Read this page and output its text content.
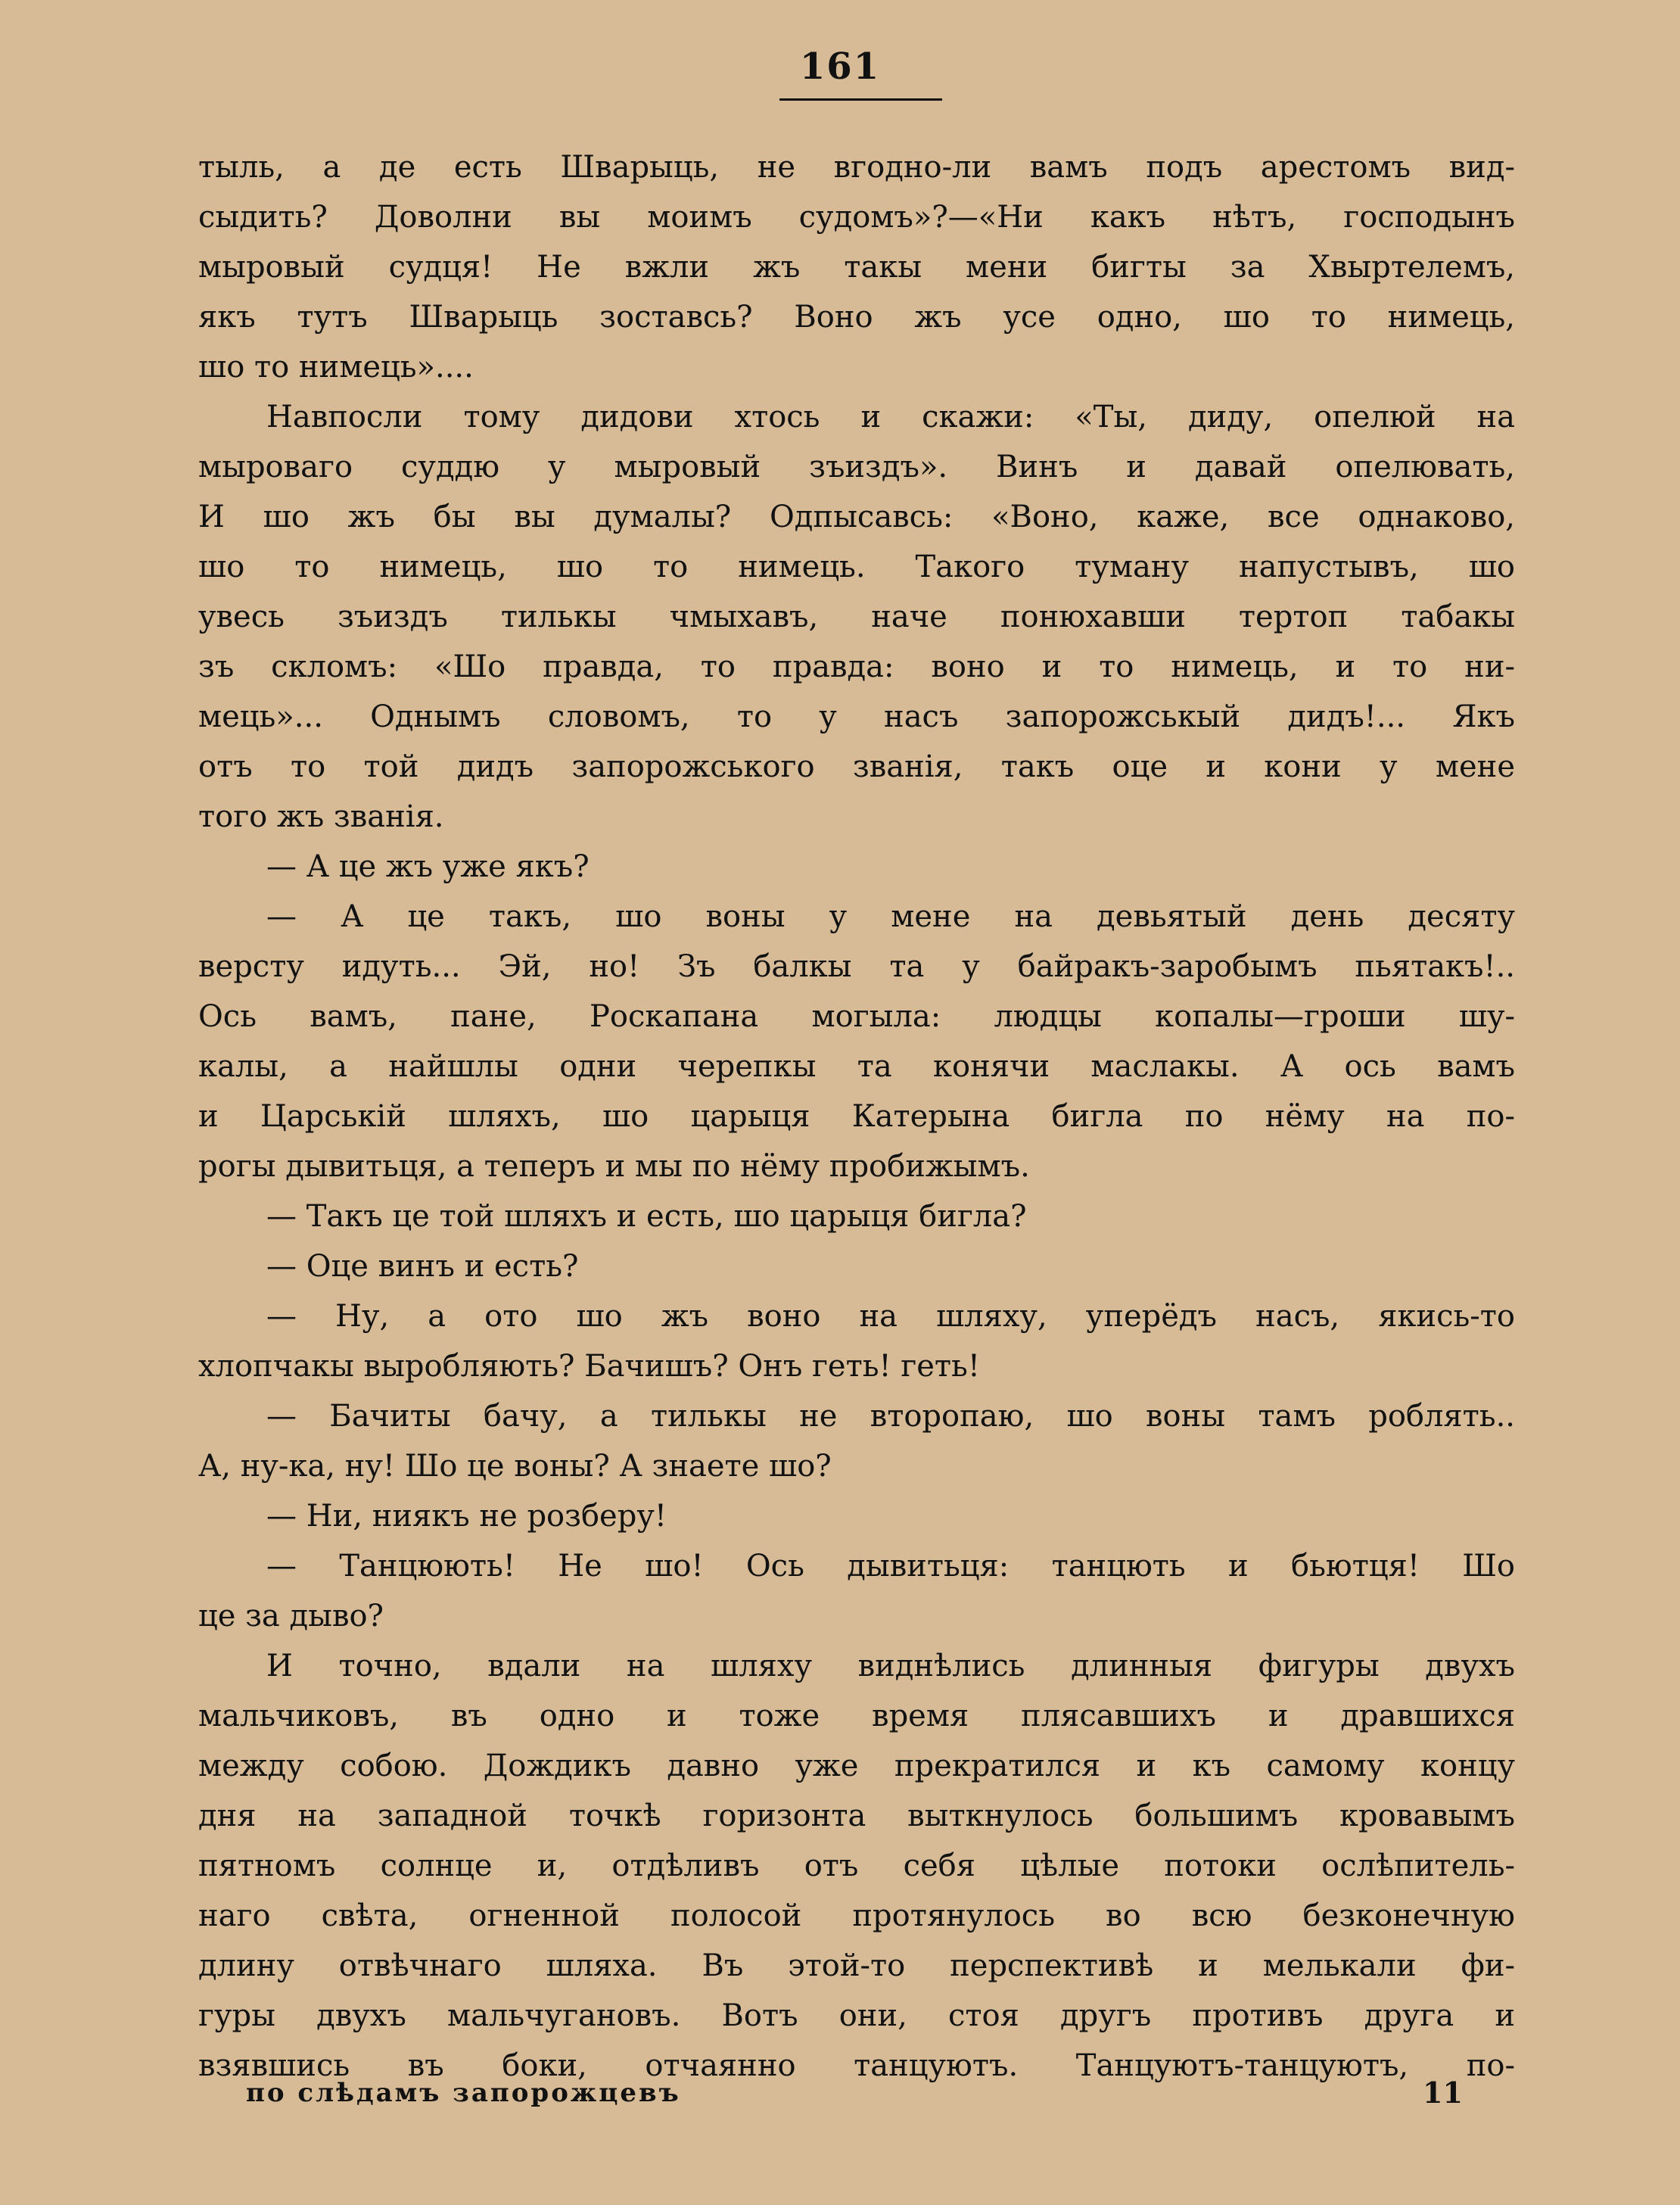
161
тыль, а де есть Шварыць, не вгодно-ли вамъ подъ арестомъ вид-
сыдить? Доволни вы моимъ судомъ»?—«Ни какъ нѣтъ, господынъ
мыровый судця! Не вжли жъ такы мени бигты за Хвыртелемъ,
якъ тутъ Шварыць зоставсь? Воно жъ усе одно, шо то нимець,
шо то нимець»....
Навпосли тому дидови хтось и скажи: «Ты, диду, опелюй на
мыроваго суддю у мыровый зъиздъ». Винъ и давай опелювать,
И шо жъ бы вы думалы? Одпысавсь: «Воно, каже, все однаково,
шо то нимець, шо то нимець. Такого туману напустывъ, шо
увесь зъиздъ тилькы чмыхавъ, наче понюхавши тертоп табакы
зъ скломъ: «Шо правда, то правда: воно и то нимець, и то ни-
мець»... Однымъ словомъ, то у насъ запорожськый дидъ!... Якъ
отъ то той дидъ запорожського званія, такъ оце и кони у мене
того жъ званія.
— А це жъ уже якъ?
— А це такъ, шо воны у мене на девьятый день десяту
версту идуть... Эй, но! Зъ балкы та у байракъ-заробымъ пьятакъ!..
Ось вамъ, пане, Роскапана могыла: людцы копалы—гроши шу-
калы, а найшлы одни черепкы та конячи маслакы. А ось вамъ
и Царській шляхъ, шо царыця Катерына бигла по нёму на по-
рогы дывитьця, а теперъ и мы по нёму пробижымъ.
— Такъ це той шляхъ и есть, шо царыця бигла?
— Оце винъ и есть?
— Ну, а ото шо жъ воно на шляху, уперёдъ насъ, якись-то
хлопчакы выробляють? Бачишъ? Онъ геть! геть!
— Бачиты бачу, а тилькы не второпаю, шо воны тамъ роблять..
А, ну-ка, ну! Шо це воны? А знаете шо?
— Ни, ниякъ не розберу!
— Танцюють! Не шо! Ось дывитьця: танцють и бьютця! Шо
це за дыво?
И точно, вдали на шляху виднѣлись длинныя фигуры двухъ
мальчиковъ, въ одно и тоже время плясавшихъ и дравшихся
между собою. Дождикъ давно уже прекратился и къ самому концу
дня на западной точкѣ горизонта выткнулось большимъ кровавымъ
пятномъ солнце и, отдѣливъ отъ себя цѣлые потоки ослѣпитель-
наго свѣта, огненной полосой протянулось во всю безконечную
длину отвѣчнаго шляха. Въ этой-то перспективѣ и мелькали фи-
гуры двухъ мальчугановъ. Вотъ они, стоя другъ противъ друга и
взявшись въ боки, отчаянно танцуютъ. Танцуютъ-танцуютъ, по-
по слѣдамъ запорожцевъ	11
